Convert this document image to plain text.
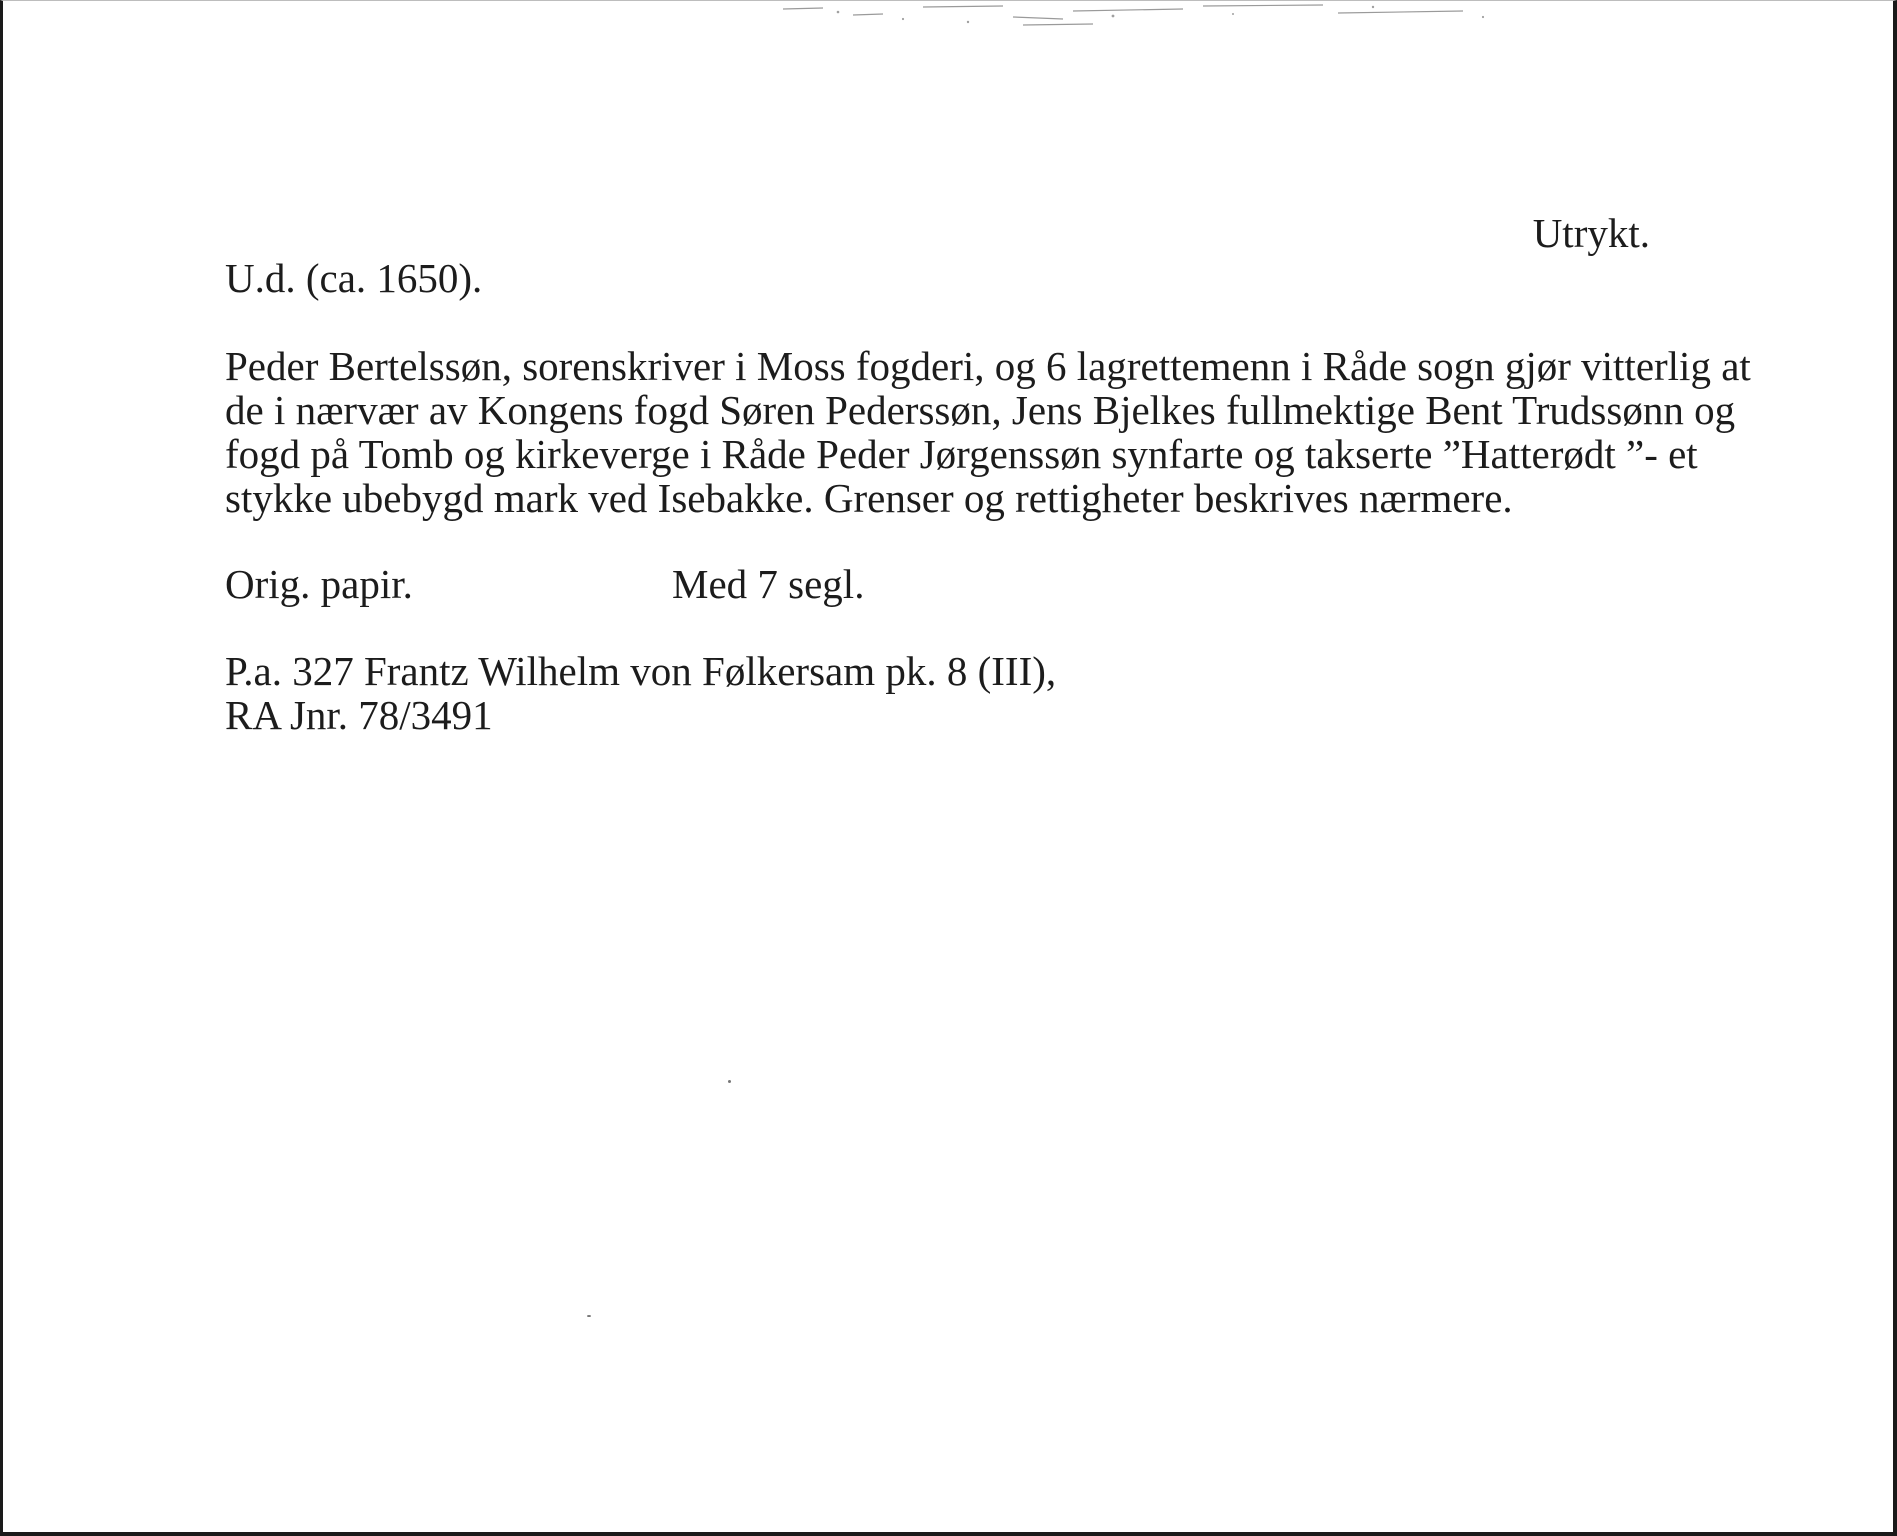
Utrykt.

U.d. (ca. 1650).

Peder Bertelssøn, sorenskriver i Moss fogderi, og 6 lagrettemenn i Råde sogn gjør vitterlig at
de i nærvær av Kongens fogd Søren Pederssøn, Jens Bjelkes fullmektige Bent Trudssønn og
fogd på Tomb og kirkeverge i Råde Peder Jørgenssøn synfarte og takserte ”Hatterødt ”- et
stykke ubebygd mark ved Isebakke. Grenser og rettigheter beskrives nærmere.

Orig. papir.	Med 7 segl.

P.a. 327 Frantz Wilhelm von Følkersam pk. 8 (III),
RA Jnr. 78/3491
